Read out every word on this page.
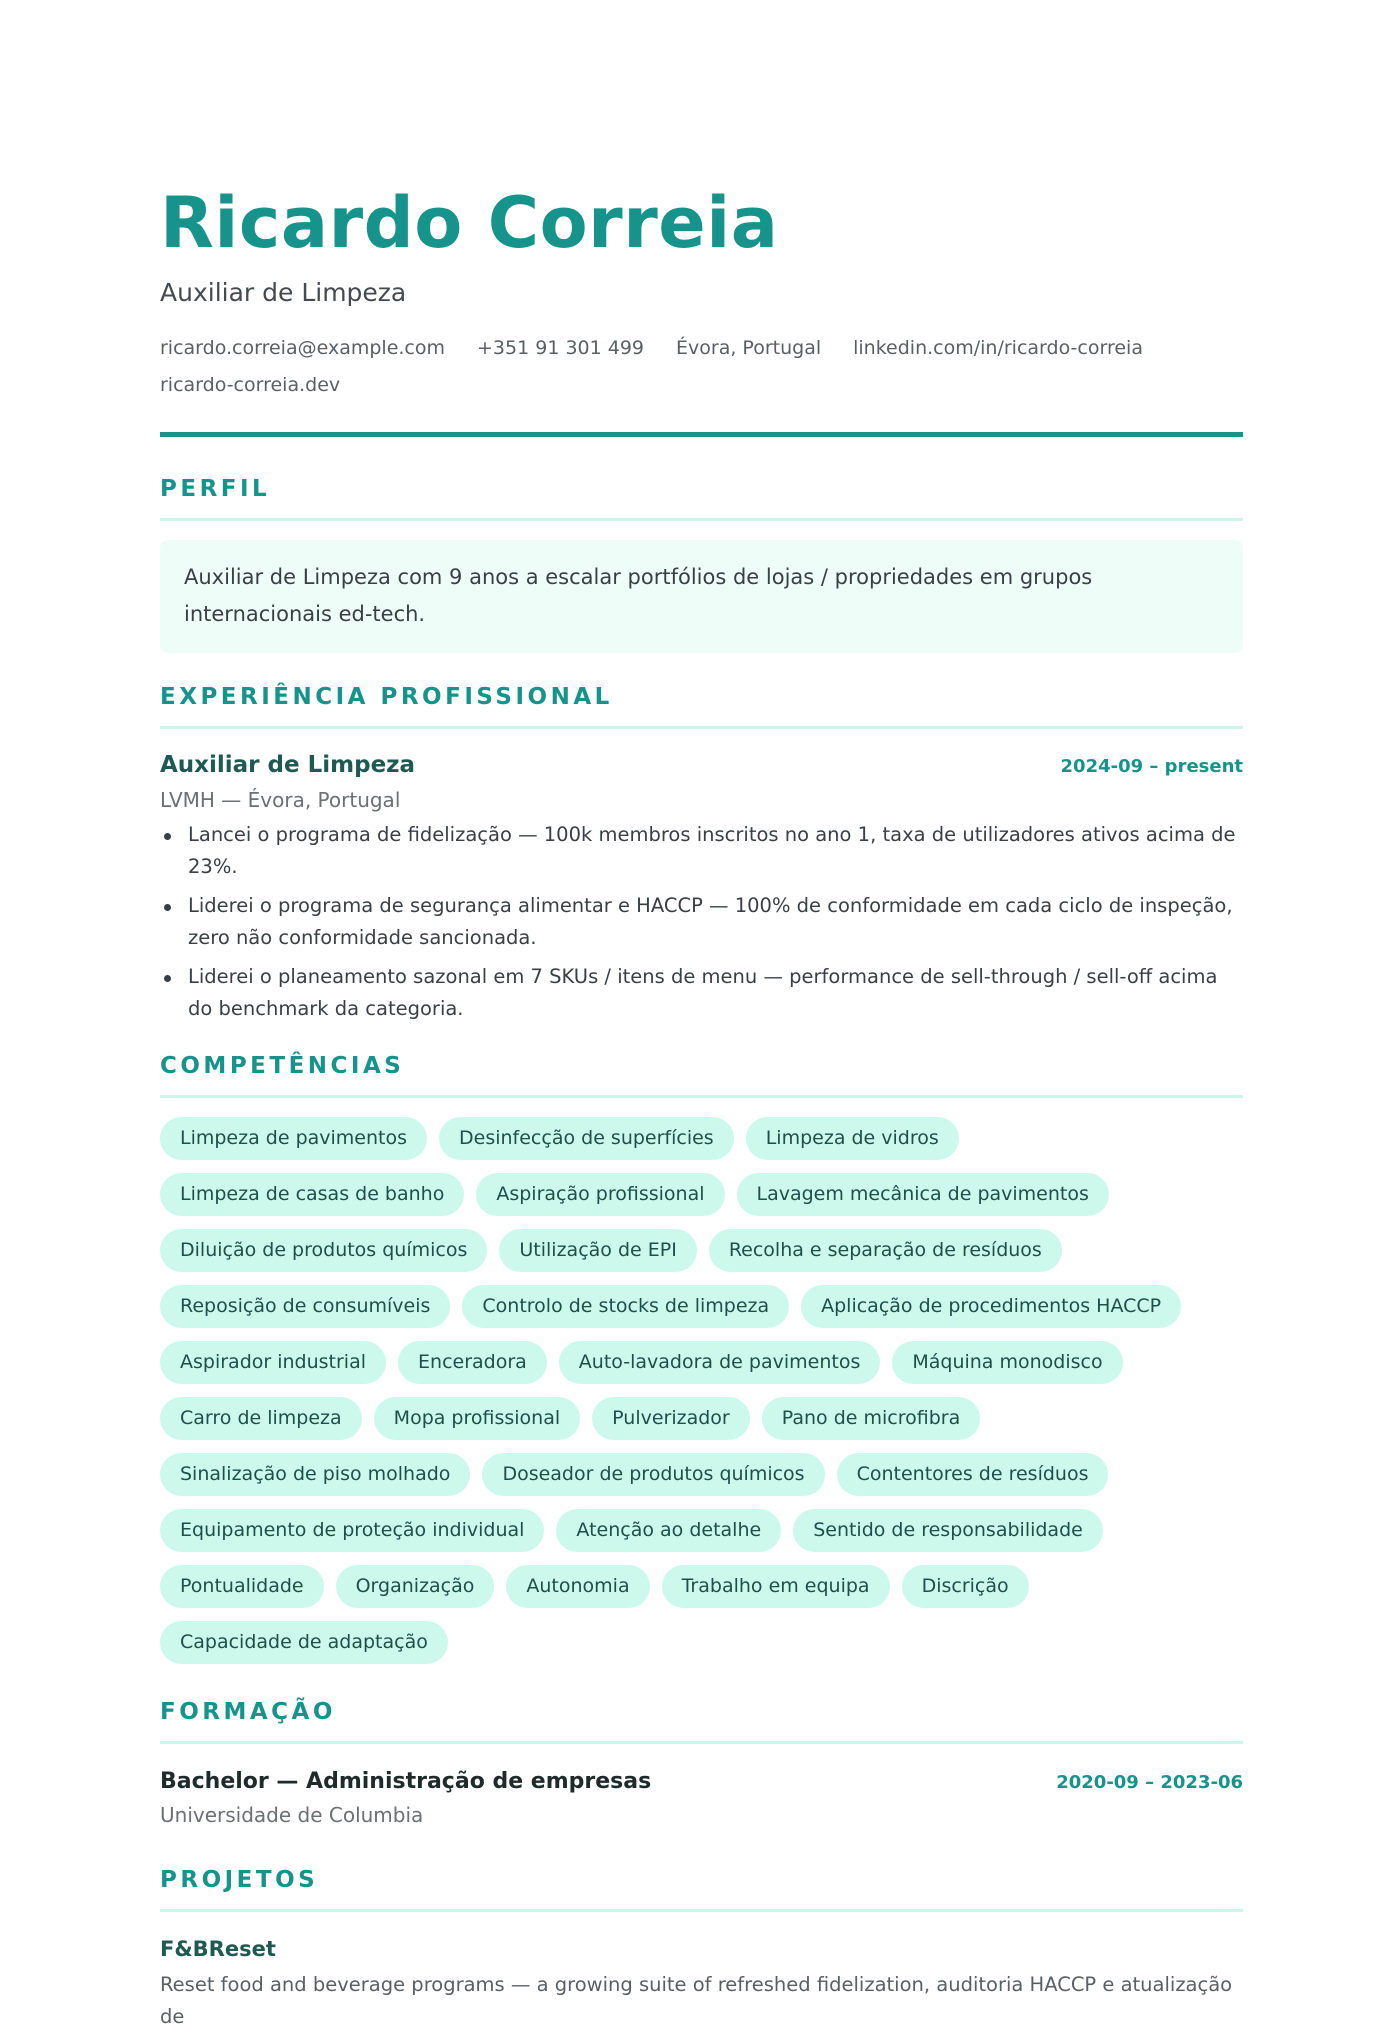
Ricardo Correia
Auxiliar de Limpeza
ricardo.correia@example.com +351 91 301 499 Évora, Portugal linkedin.com/in/ricardo-correia
ricardo-correia.dev
PERFIL
Auxiliar de Limpeza com 9 anos a escalar portfólios de lojas / propriedades em grupos internacionais ed-tech.
EXPERIÊNCIA PROFISSIONAL
Auxiliar de Limpeza	2024-09 – present
LVMH — Évora, Portugal
Lancei o programa de fidelização — 100k membros inscritos no ano 1, taxa de utilizadores ativos acima de 23%.
Liderei o programa de segurança alimentar e HACCP — 100% de conformidade em cada ciclo de inspeção, zero não conformidade sancionada.
Liderei o planeamento sazonal em 7 SKUs / itens de menu — performance de sell-through / sell-off acima do benchmark da categoria.
COMPETÊNCIAS
Limpeza de pavimentos	Desinfecção de superfícies	Limpeza de vidros
Limpeza de casas de banho	Aspiração profissional	Lavagem mecânica de pavimentos
Diluição de produtos químicos	Utilização de EPI	Recolha e separação de resíduos
Reposição de consumíveis	Controlo de stocks de limpeza	Aplicação de procedimentos HACCP
Aspirador industrial	Enceradora	Auto-lavadora de pavimentos	Máquina monodisco
Carro de limpeza	Mopa profissional	Pulverizador	Pano de microfibra
Sinalização de piso molhado	Doseador de produtos químicos	Contentores de resíduos
Equipamento de proteção individual	Atenção ao detalhe	Sentido de responsabilidade
Pontualidade	Organização	Autonomia	Trabalho em equipa	Discrição
Capacidade de adaptação
FORMAÇÃO
Bachelor — Administração de empresas	2020-09 – 2023-06
Universidade de Columbia
PROJETOS
F&BReset
Reset food and beverage programs — a growing suite of refreshed fidelization, auditoria HACCP e atualização de
